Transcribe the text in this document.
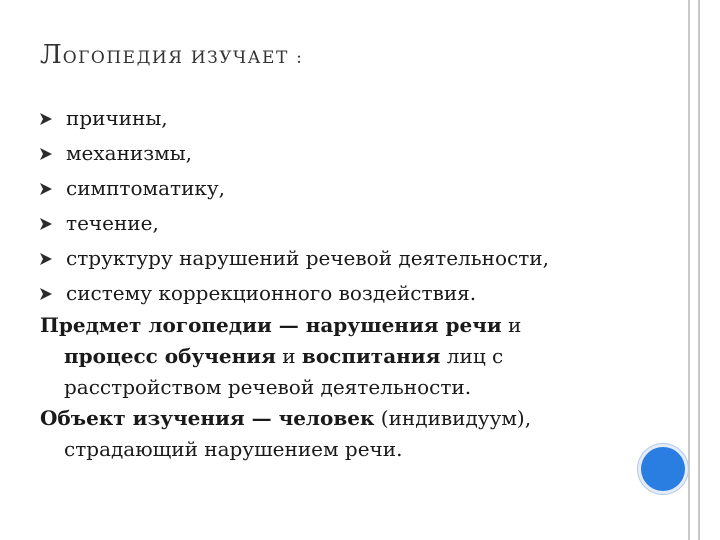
ЛОГОПЕДИЯ ИЗУЧАЕТ :
причины,
механизмы,
симптоматику,
течение,
структуру нарушений речевой деятельности,
систему коррекционного воздействия.
Предмет логопедии — нарушения речи и
процесс обучения и воспитания лиц с
расстройством речевой деятельности.
Объект изучения — человек (индивидуум),
страдающий нарушением речи.
